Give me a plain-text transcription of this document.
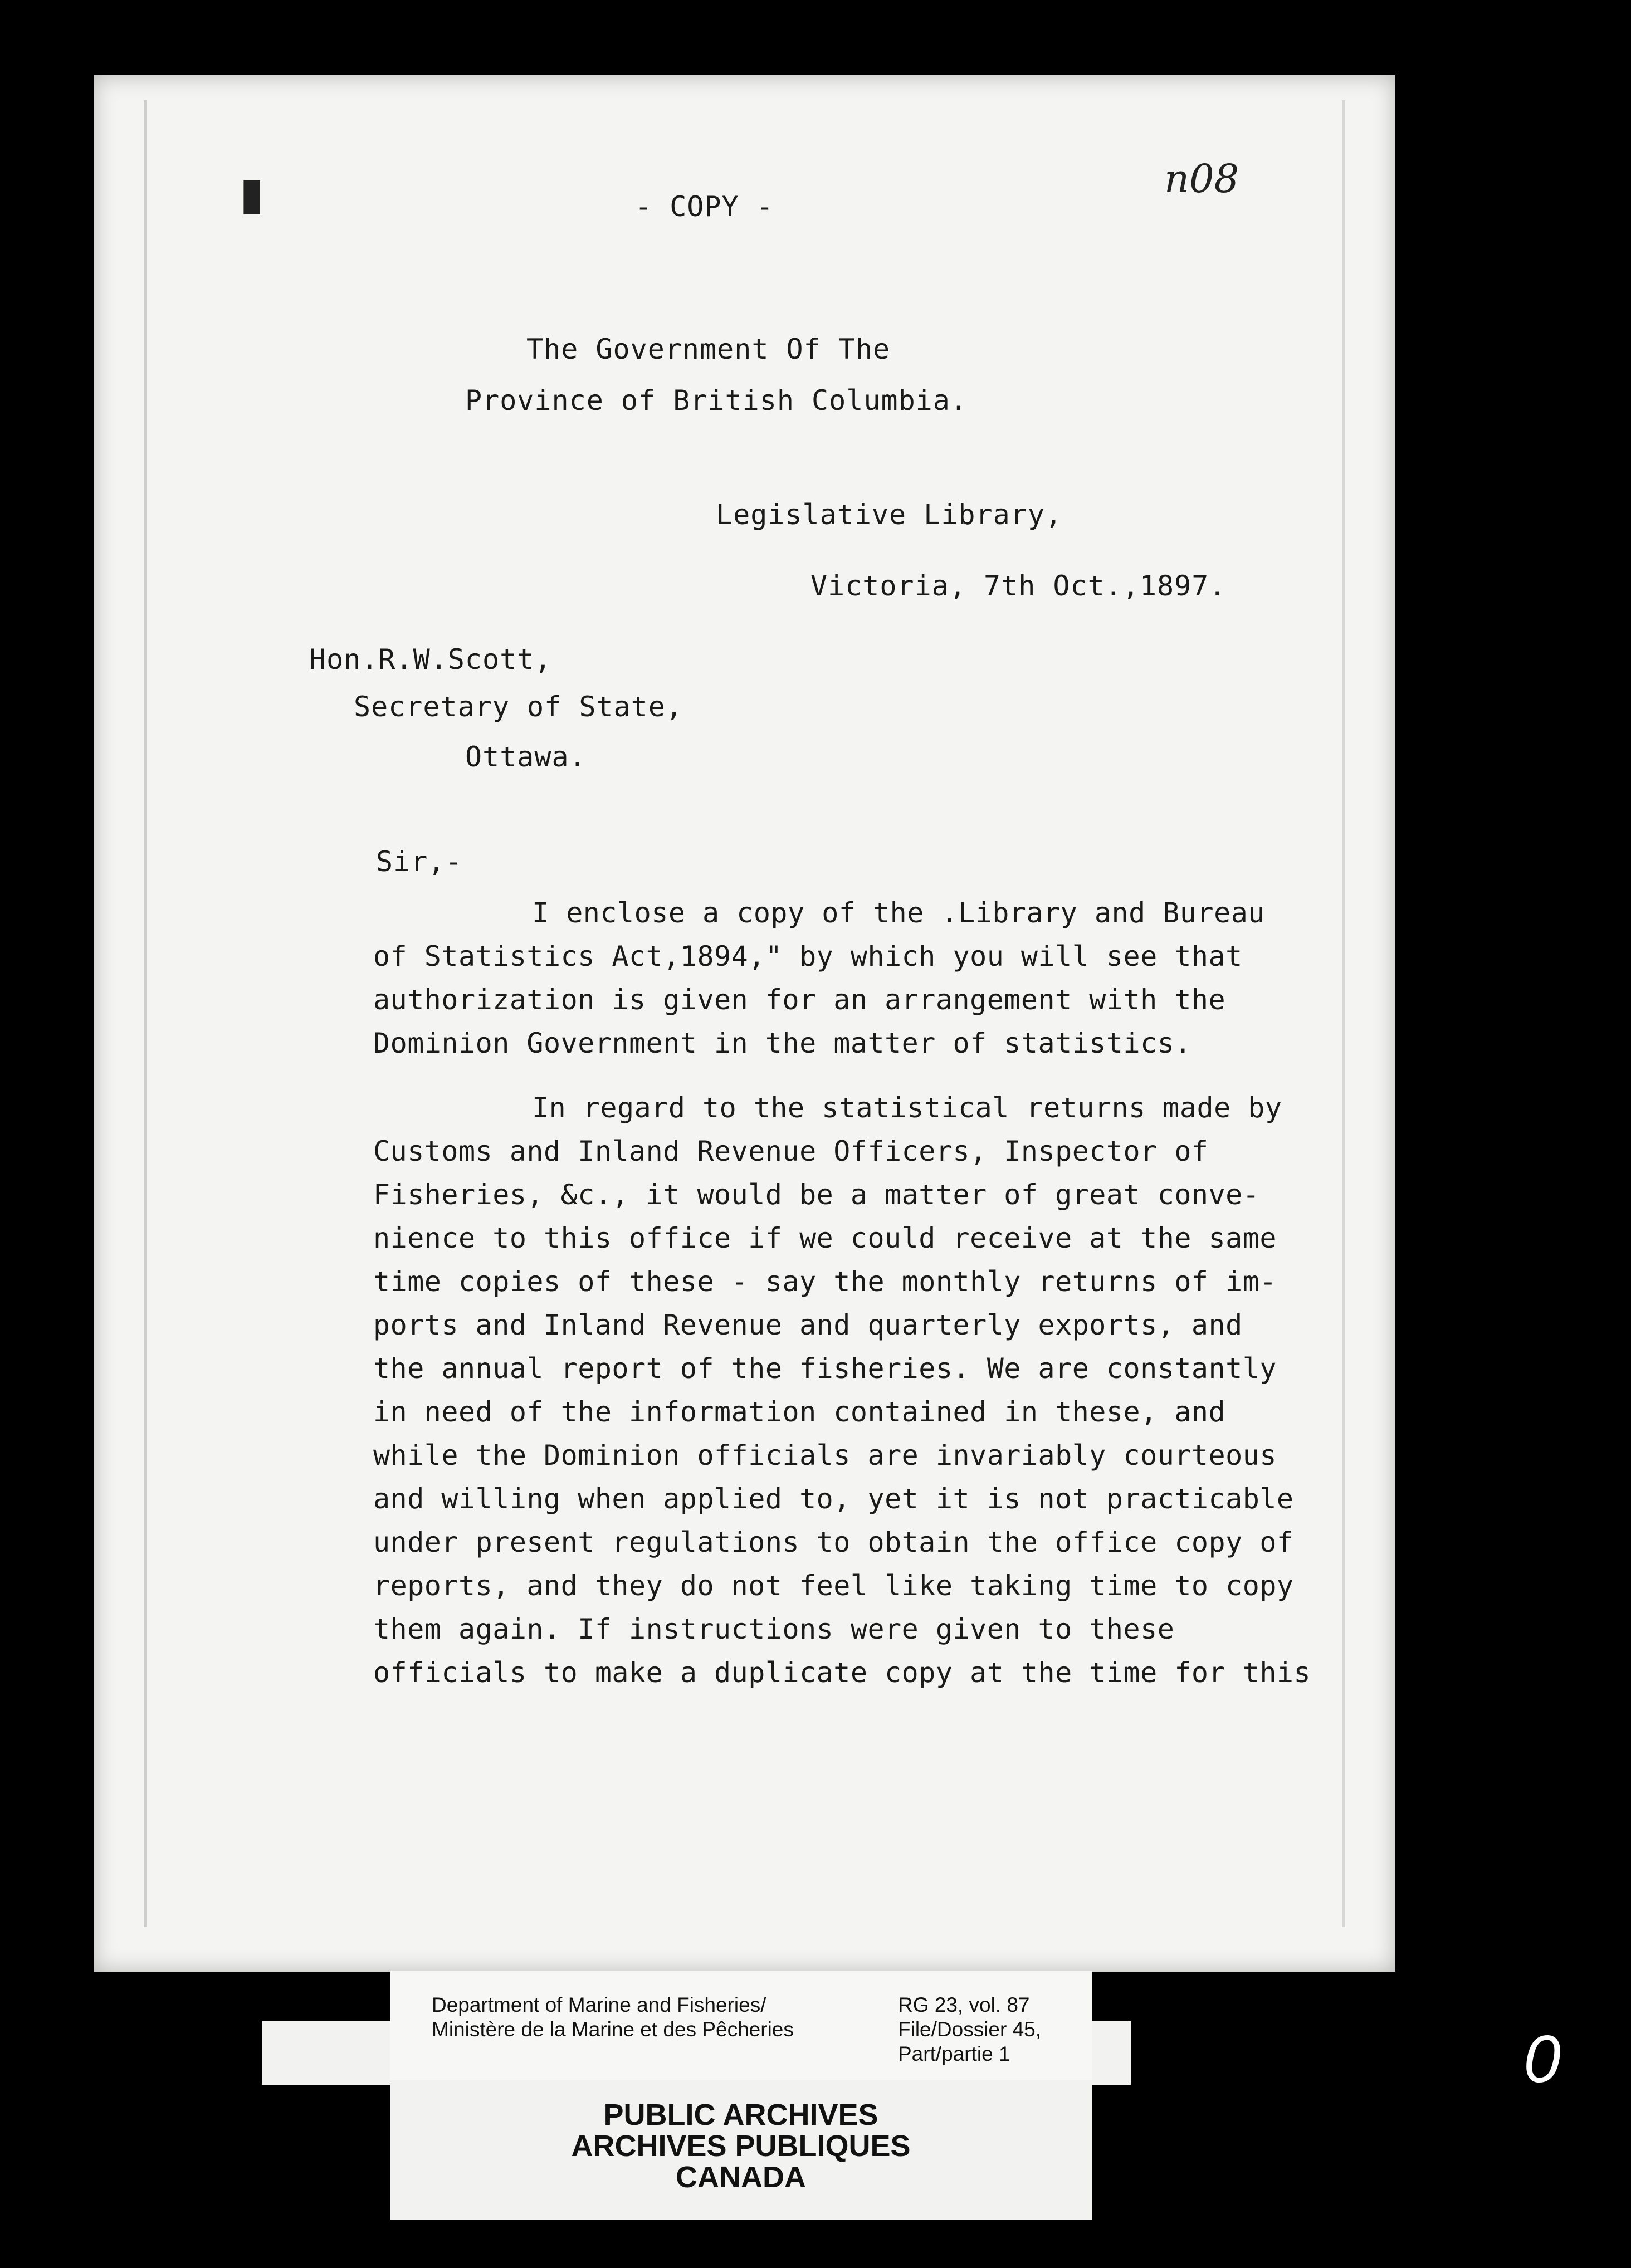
- COPY -
n08
▮
The Government Of The
Province of British Columbia.
Legislative Library,
Victoria, 7th Oct.,1897.
Hon.R.W.Scott,
Secretary of State,
Ottawa.
Sir,-

I enclose a copy of the .Library and Bureau
of Statistics Act,1894," by which you will see that
authorization is given for an arrangement with the
Dominion Government in the matter of statistics.

In regard to the statistical returns made by
Customs and Inland Revenue Officers, Inspector of
Fisheries, &c., it would be a matter of great conve-
nience to this office if we could receive at the same
time copies of these - say the monthly returns of im-
ports and Inland Revenue and quarterly exports, and
the annual report of the fisheries. We are constantly
in need of the information contained in these, and
while the Dominion officials are invariably courteous
and willing when applied to, yet it is not practicable
under present regulations to obtain the office copy of
reports, and they do not feel like taking time to copy
them again. If instructions were given to these
officials to make a duplicate copy at the time for this

Department of Marine and Fisheries/
Ministère de la Marine et des Pêcheries
RG 23, vol. 87
File/Dossier 45,
Part/partie 1
PUBLIC ARCHIVES
ARCHIVES PUBLIQUES
CANADA
0
